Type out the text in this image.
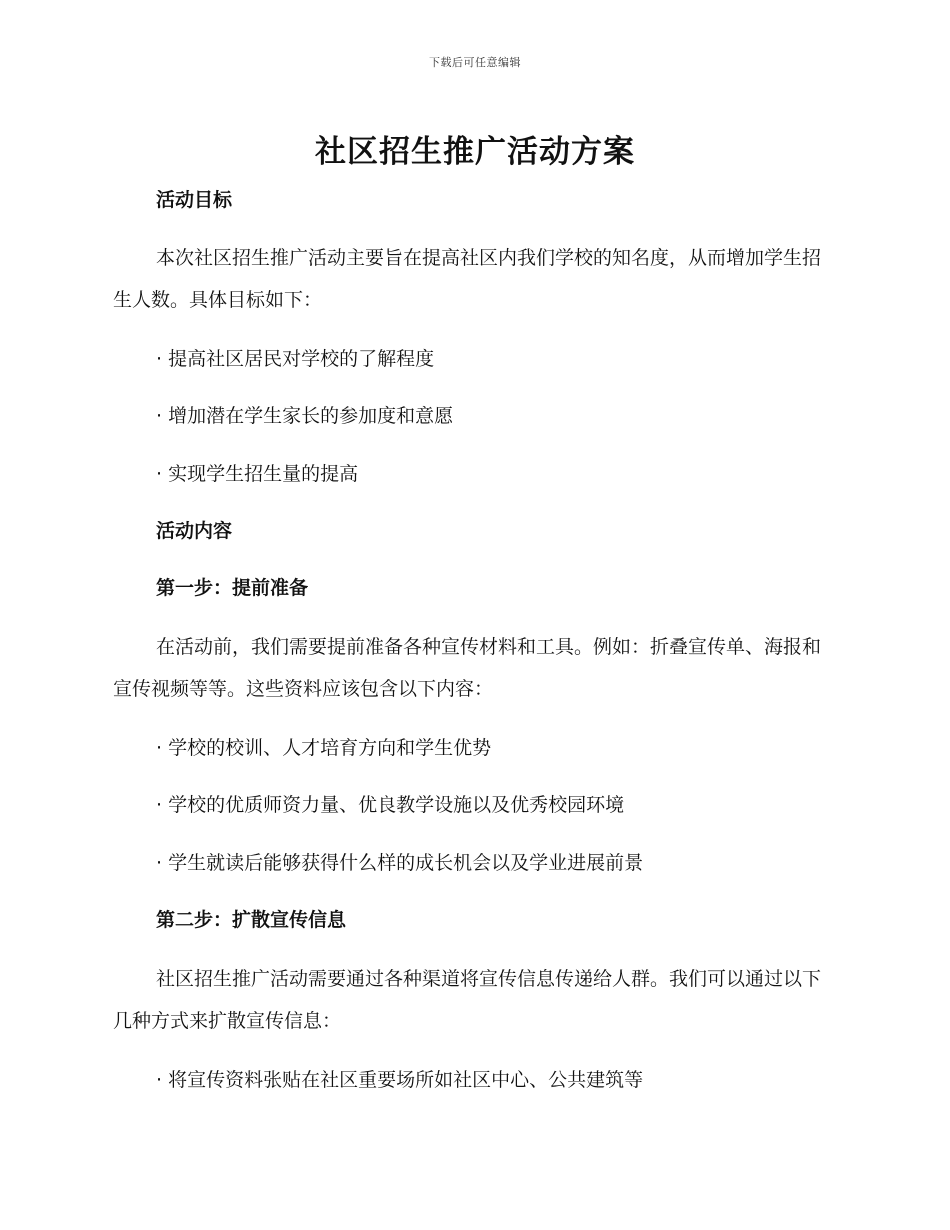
下载后可任意编辑
社区招生推广活动方案
活动目标
本次社区招生推广活动主要旨在提高社区内我们学校的知名度，从而增加学生招生人数。具体目标如下：
· 提高社区居民对学校的了解程度
· 增加潜在学生家长的参加度和意愿
· 实现学生招生量的提高
活动内容
第一步：提前准备
在活动前，我们需要提前准备各种宣传材料和工具。例如：折叠宣传单、海报和宣传视频等等。这些资料应该包含以下内容：
· 学校的校训、人才培育方向和学生优势
· 学校的优质师资力量、优良教学设施以及优秀校园环境
· 学生就读后能够获得什么样的成长机会以及学业进展前景
第二步：扩散宣传信息
社区招生推广活动需要通过各种渠道将宣传信息传递给人群。我们可以通过以下几种方式来扩散宣传信息：
· 将宣传资料张贴在社区重要场所如社区中心、公共建筑等
